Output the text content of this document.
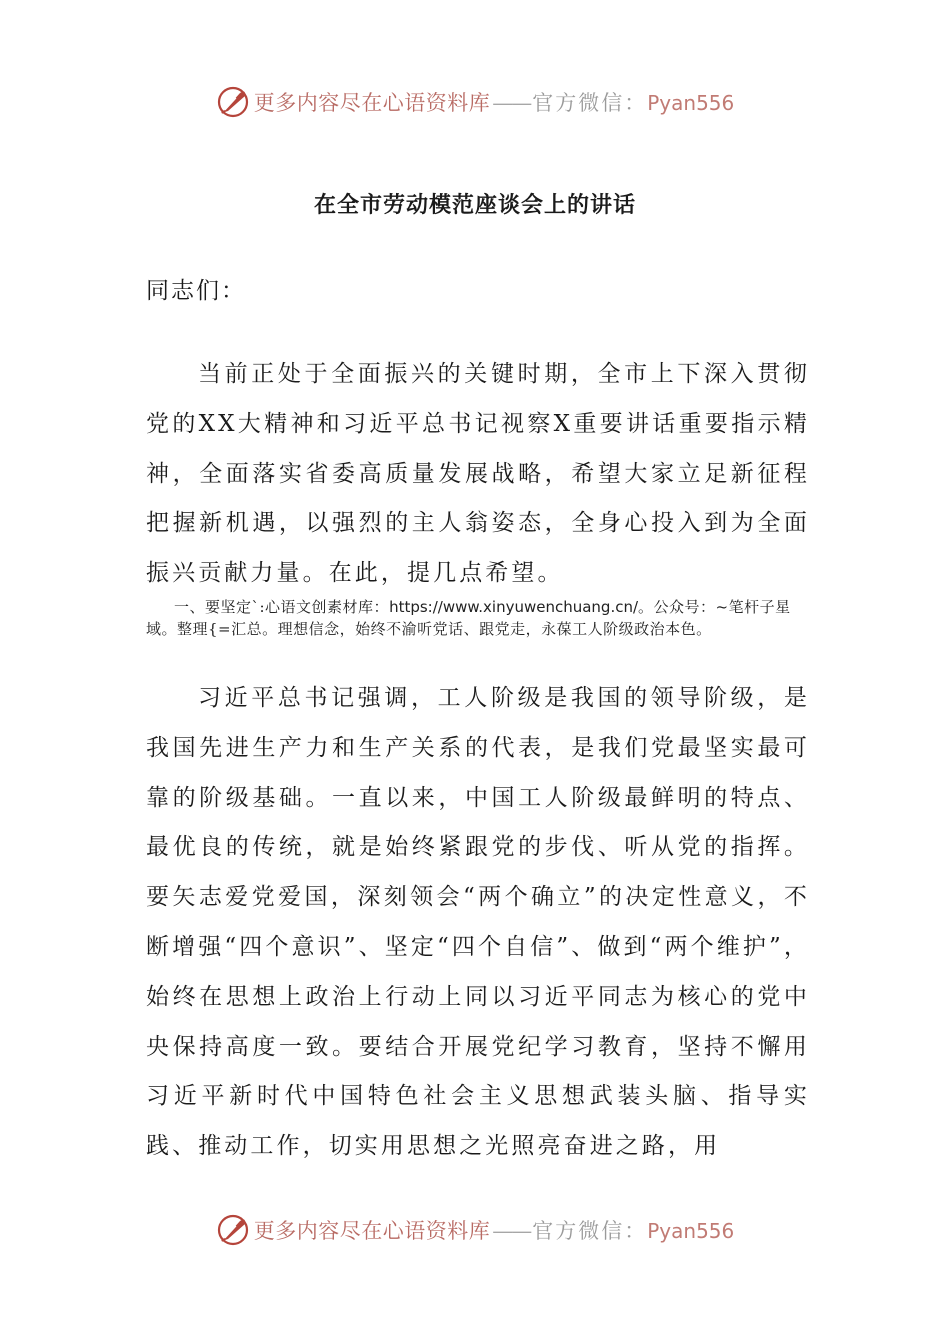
更多内容尽在心语资料库——官方微信：Pyan556
在全市劳动模范座谈会上的讲话
同志们：

当前正处于全面振兴的关键时期，全市上下深入贯彻党的XX大精神和习近平总书记视察X重要讲话重要指示精神，全面落实省委高质量发展战略，希望大家立足新征程把握新机遇，以强烈的主人翁姿态，全身心投入到为全面振兴贡献力量。在此，提几点希望。

一、要坚定`:心语文创素材库：https://www.xinyuwenchuang.cn/。公众号：~笔杆子星域。整理{=汇总。理想信念，始终不渝听党话、跟党走，永葆工人阶级政治本色。

习近平总书记强调，工人阶级是我国的领导阶级，是我国先进生产力和生产关系的代表，是我们党最坚实最可靠的阶级基础。一直以来，中国工人阶级最鲜明的特点、最优良的传统，就是始终紧跟党的步伐、听从党的指挥。要矢志爱党爱国，深刻领会“两个确立”的决定性意义，不断增强“四个意识”、坚定“四个自信”、做到“两个维护”，始终在思想上政治上行动上同以习近平同志为核心的党中央保持高度一致。要结合开展党纪学习教育，坚持不懈用习近平新时代中国特色社会主义思想武装头脑、指导实践、推动工作，切实用思想之光照亮奋进之路，用

更多内容尽在心语资料库——官方微信：Pyan556
